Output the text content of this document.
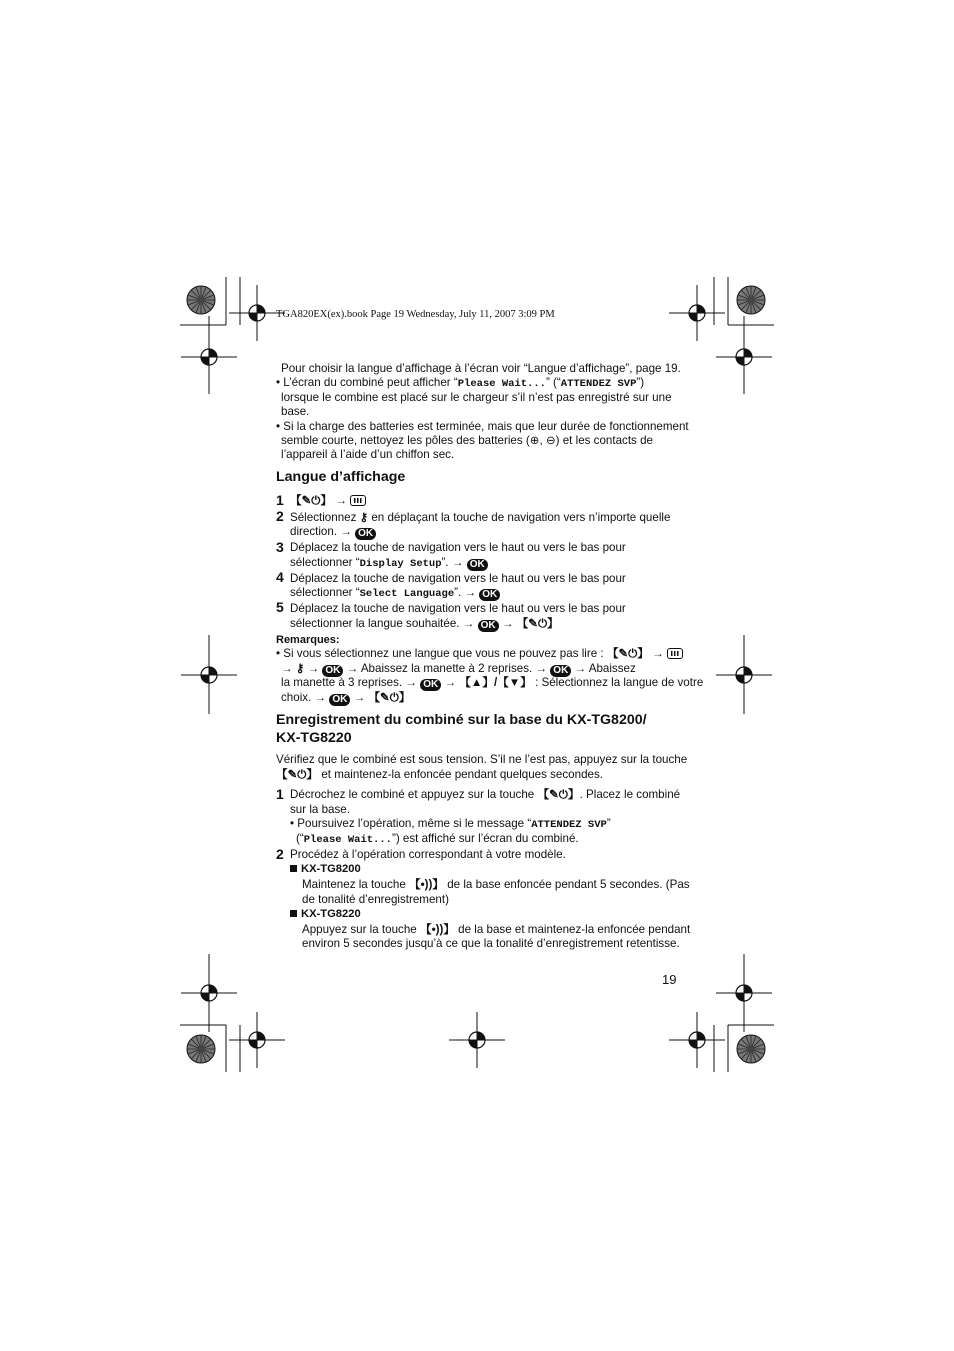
TGA820EX(ex).book Page 19 Wednesday, July 11, 2007 3:09 PM
Pour choisir la langue d’affichage à l’écran voir “Langue d’affichage”, page 19.
• L’écran du combiné peut afficher “Please Wait...” (“ATTENDEZ SVP”)
lorsque le combine est placé sur le chargeur s’il n’est pas enregistré sur une
base.
• Si la charge des batteries est terminée, mais que leur durée de fonctionnement
semble courte, nettoyez les pôles des batteries (⊕, ⊖) et les contacts de
l’appareil à l’aide d’un chiffon sec.
Langue d’affichage
1 【✎⏻】 →
2 Sélectionnez ⚷ en déplaçant la touche de navigation vers n’importe quelle
direction. → OK
3 Déplacez la touche de navigation vers le haut ou vers le bas pour
sélectionner “Display Setup”. → OK
4 Déplacez la touche de navigation vers le haut ou vers le bas pour
sélectionner “Select Language”. → OK
5 Déplacez la touche de navigation vers le haut ou vers le bas pour
sélectionner la langue souhaitée. → OK → 【✎⏻】
Remarques:
• Si vous sélectionnez une langue que vous ne pouvez pas lire : 【✎⏻】 →
→ ⚷ → OK → Abaissez la manette à 2 reprises. → OK → Abaissez
la manette à 3 reprises. → OK → 【▲】/【▼】 : Sélectionnez la langue de votre
choix. → OK → 【✎⏻】
Enregistrement du combiné sur la base du KX-TG8200/
KX-TG8220
Vérifiez que le combiné est sous tension. S’il ne l’est pas, appuyez sur la touche
【✎⏻】 et maintenez-la enfoncée pendant quelques secondes.
1 Décrochez le combiné et appuyez sur la touche 【✎⏻】. Placez le combiné
sur la base.
• Poursuivez l’opération, même si le message “ATTENDEZ SVP”
(“Please Wait...”) est affiché sur l’écran du combiné.
2 Procédez à l’opération correspondant à votre modèle.
KX-TG8200
Maintenez la touche 【•))】 de la base enfoncée pendant 5 secondes. (Pas
de tonalité d’enregistrement)
KX-TG8220
Appuyez sur la touche 【•))】 de la base et maintenez-la enfoncée pendant
environ 5 secondes jusqu’à ce que la tonalité d’enregistrement retentisse.
19
